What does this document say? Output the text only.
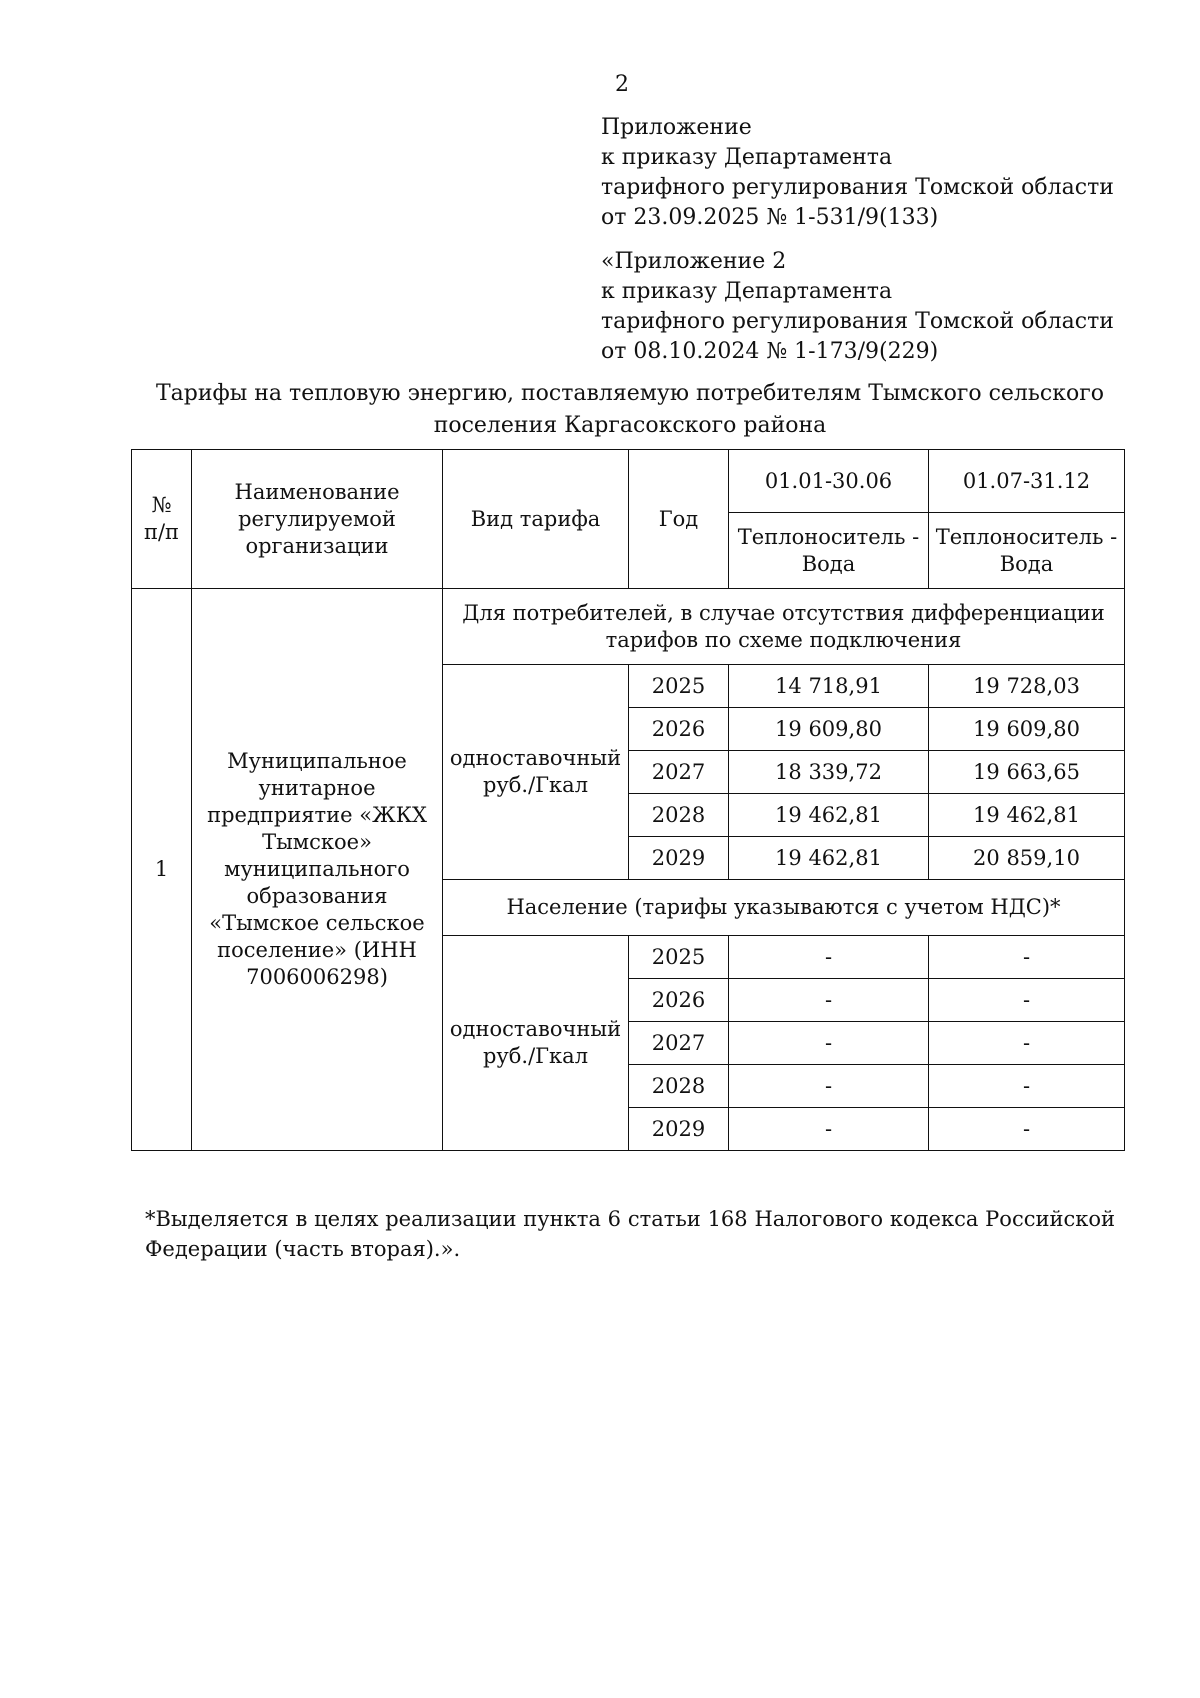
2
Приложение
к приказу Департамента
тарифного регулирования Томской области
от 23.09.2025 № 1-531/9(133)
«Приложение 2
к приказу Департамента
тарифного регулирования Томской области
от 08.10.2024 № 1-173/9(229)
Тарифы на тепловую энергию, поставляемую потребителям Тымского сельского
поселения Каргасокского района
№ п/п	Наименование регулируемой организации	Вид тарифа	Год	01.01-30.06	01.07-31.12
				Теплоноситель - Вода	Теплоноситель - Вода
1	Муниципальное унитарное предприятие «ЖКХ Тымское» муниципального образования «Тымское сельское поселение» (ИНН 7006006298)	Для потребителей, в случае отсутствия дифференциации тарифов по схеме подключения			
		одноставочный руб./Гкал	2025	14 718,91	19 728,03
			2026	19 609,80	19 609,80
			2027	18 339,72	19 663,65
			2028	19 462,81	19 462,81
			2029	19 462,81	20 859,10
		Население (тарифы указываются с учетом НДС)*			
		одноставочный руб./Гкал	2025	-	-
			2026	-	-
			2027	-	-
			2028	-	-
			2029	-	-
*Выделяется в целях реализации пункта 6 статьи 168 Налогового кодекса Российской Федерации (часть вторая).».
